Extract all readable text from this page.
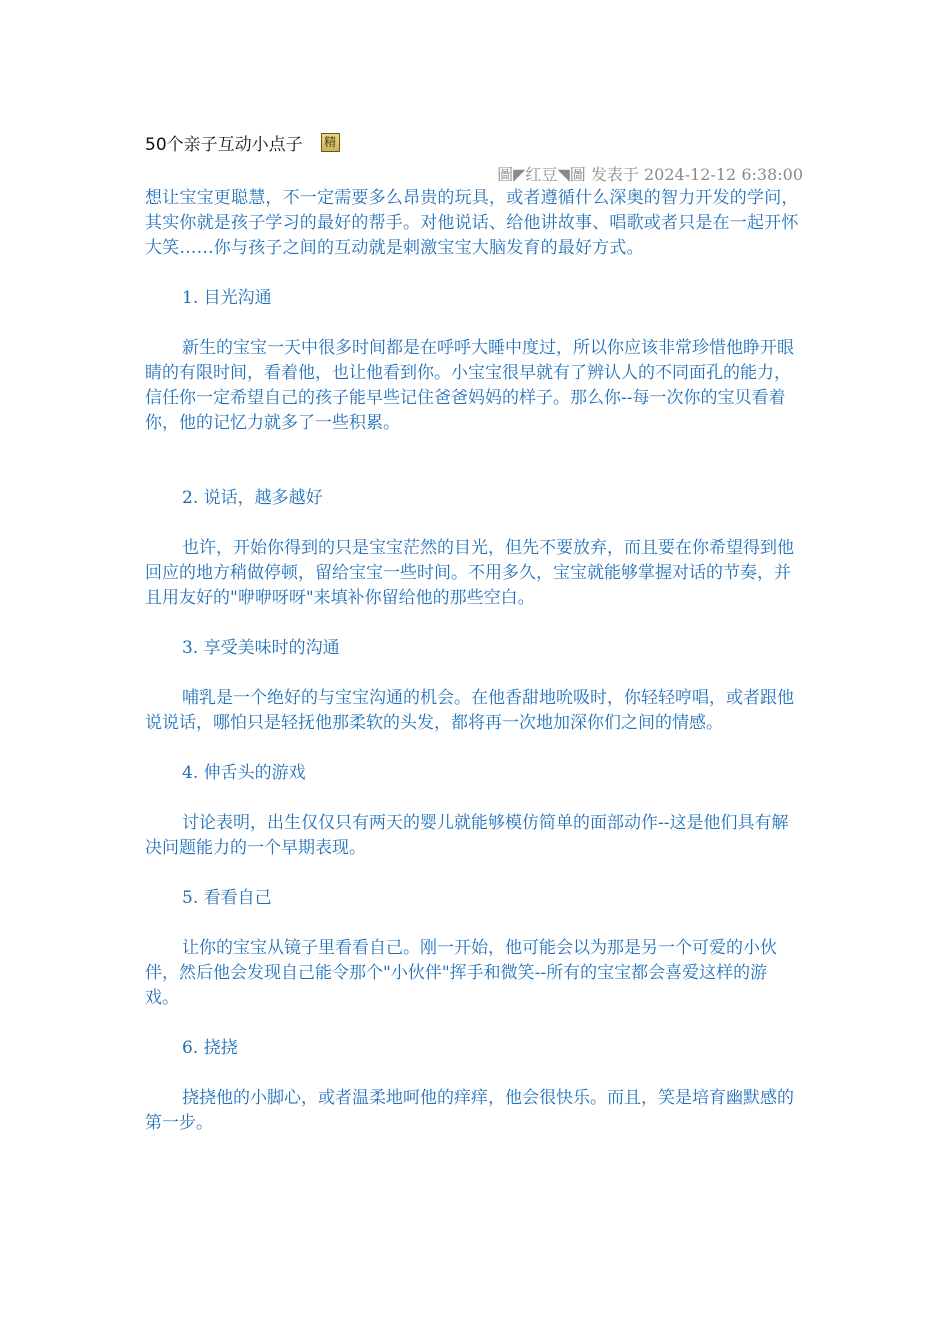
50个亲子互动小点子 精
圖◤红豆◥圖 发表于 2024-12-12 6:38:00

想让宝宝更聪慧，不一定需要多么昂贵的玩具，或者遵循什么深奥的智力开发的学问，其实你就是孩子学习的最好的帮手。对他说话、给他讲故事、唱歌或者只是在一起开怀大笑……你与孩子之间的互动就是刺激宝宝大脑发育的最好方式。

1. 目光沟通

新生的宝宝一天中很多时间都是在呼呼大睡中度过，所以你应该非常珍惜他睁开眼睛的有限时间，看着他，也让他看到你。小宝宝很早就有了辨认人的不同面孔的能力，信任你一定希望自己的孩子能早些记住爸爸妈妈的样子。那么你--每一次你的宝贝看着你，他的记忆力就多了一些积累。

2. 说话，越多越好

也许，开始你得到的只是宝宝茫然的目光，但先不要放弃，而且要在你希望得到他回应的地方稍做停顿，留给宝宝一些时间。不用多久，宝宝就能够掌握对话的节奏，并且用友好的"咿咿呀呀"来填补你留给他的那些空白。

3. 享受美味时的沟通

哺乳是一个绝好的与宝宝沟通的机会。在他香甜地吮吸时，你轻轻哼唱，或者跟他说说话，哪怕只是轻抚他那柔软的头发，都将再一次地加深你们之间的情感。

4. 伸舌头的游戏

讨论表明，出生仅仅只有两天的婴儿就能够模仿简单的面部动作--这是他们具有解决问题能力的一个早期表现。

5. 看看自己

让你的宝宝从镜子里看看自己。刚一开始，他可能会以为那是另一个可爱的小伙伴，然后他会发现自己能令那个"小伙伴"挥手和微笑--所有的宝宝都会喜爱这样的游戏。

6. 挠挠

挠挠他的小脚心，或者温柔地呵他的痒痒，他会很快乐。而且，笑是培育幽默感的第一步。
